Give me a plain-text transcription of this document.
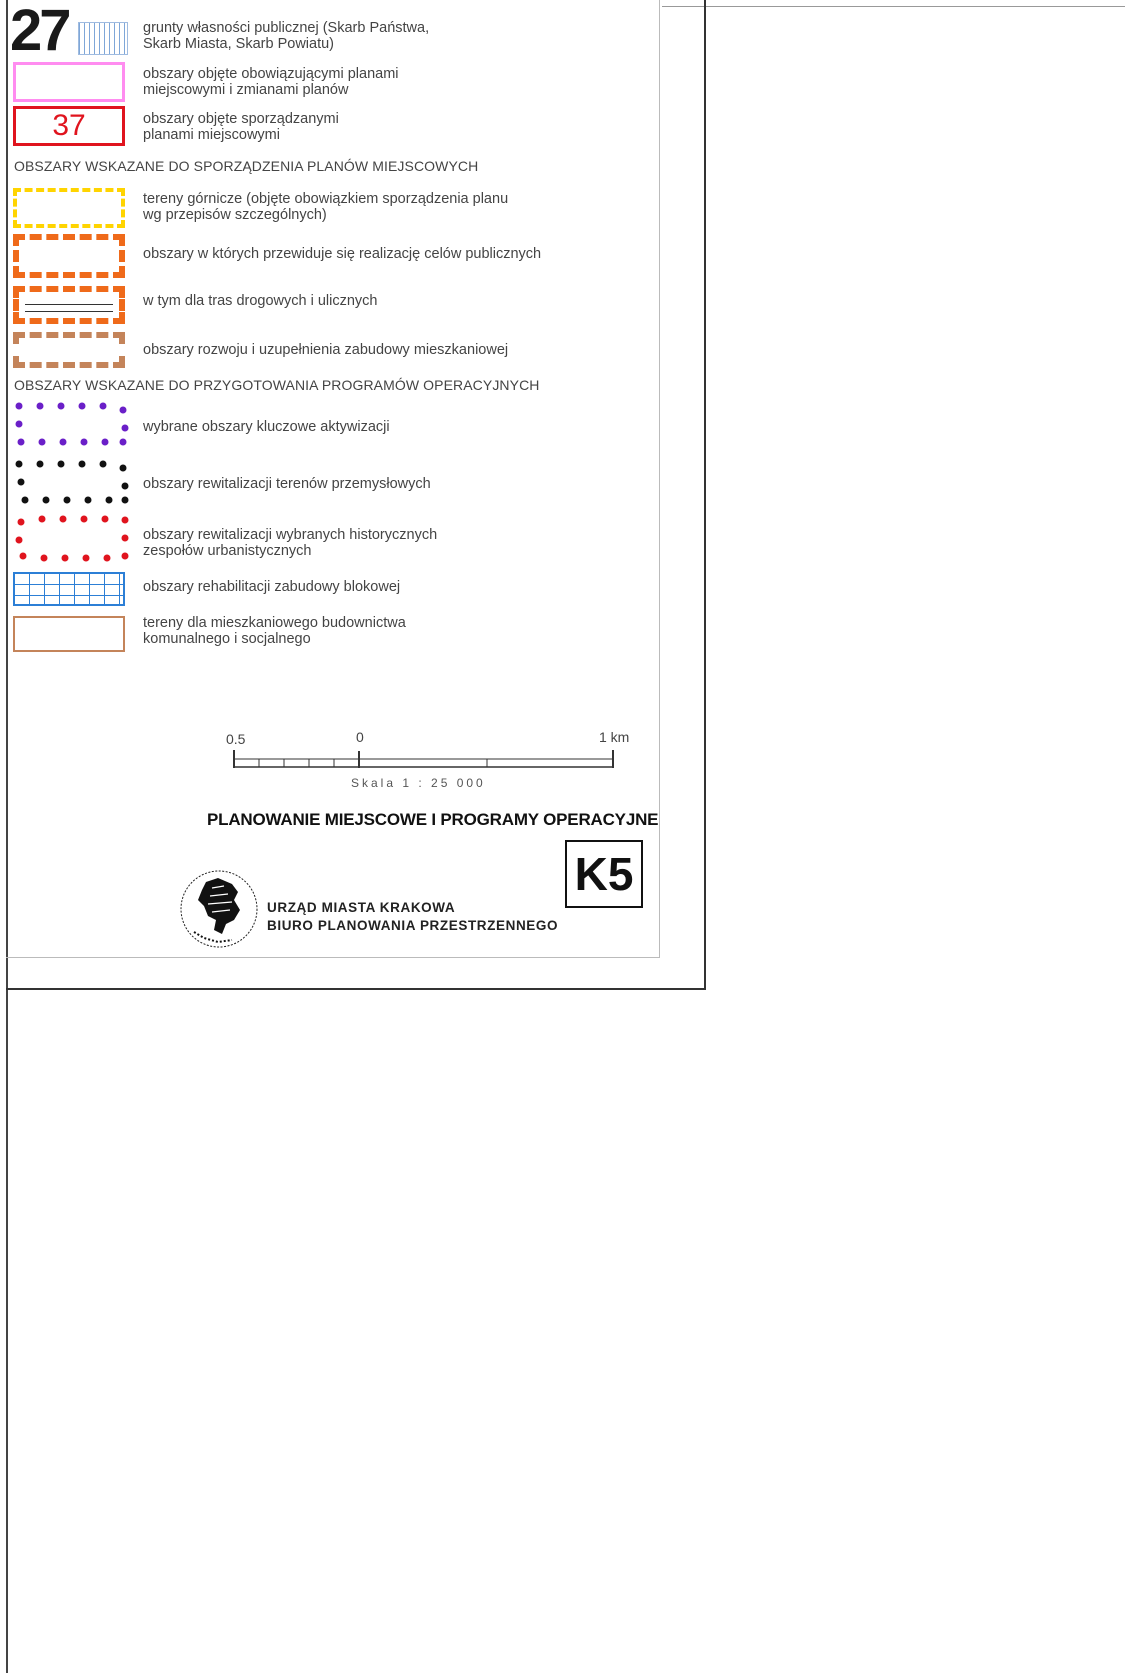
27	grunty własności publicznej (Skarb Państwa,
Skarb Miasta, Skarb Powiatu)
obszary objęte obowiązującymi planami
miejscowymi i zmianami planów
37	obszary objęte sporządzanymi
planami miejscowymi
OBSZARY WSKAZANE DO SPORZĄDZENIA PLANÓW MIEJSCOWYCH
tereny górnicze (objęte obowiązkiem sporządzenia planu
wg przepisów szczególnych)
obszary w których przewiduje się realizację celów publicznych
w tym dla tras drogowych i ulicznych
obszary rozwoju i uzupełnienia zabudowy mieszkaniowej
OBSZARY WSKAZANE DO PRZYGOTOWANIA PROGRAMÓW OPERACYJNYCH
wybrane obszary kluczowe aktywizacji
obszary rewitalizacji terenów przemysłowych
obszary rewitalizacji wybranych historycznych
zespołów urbanistycznych
obszary rehabilitacji zabudowy blokowej
tereny dla mieszkaniowego budownictwa
komunalnego i socjalnego
0.5	0	1 km
Skala 1 : 25 000
PLANOWANIE MIEJSCOWE I PROGRAMY OPERACYJNE
K5
URZĄD MIASTA KRAKOWA
BIURO PLANOWANIA PRZESTRZENNEGO
